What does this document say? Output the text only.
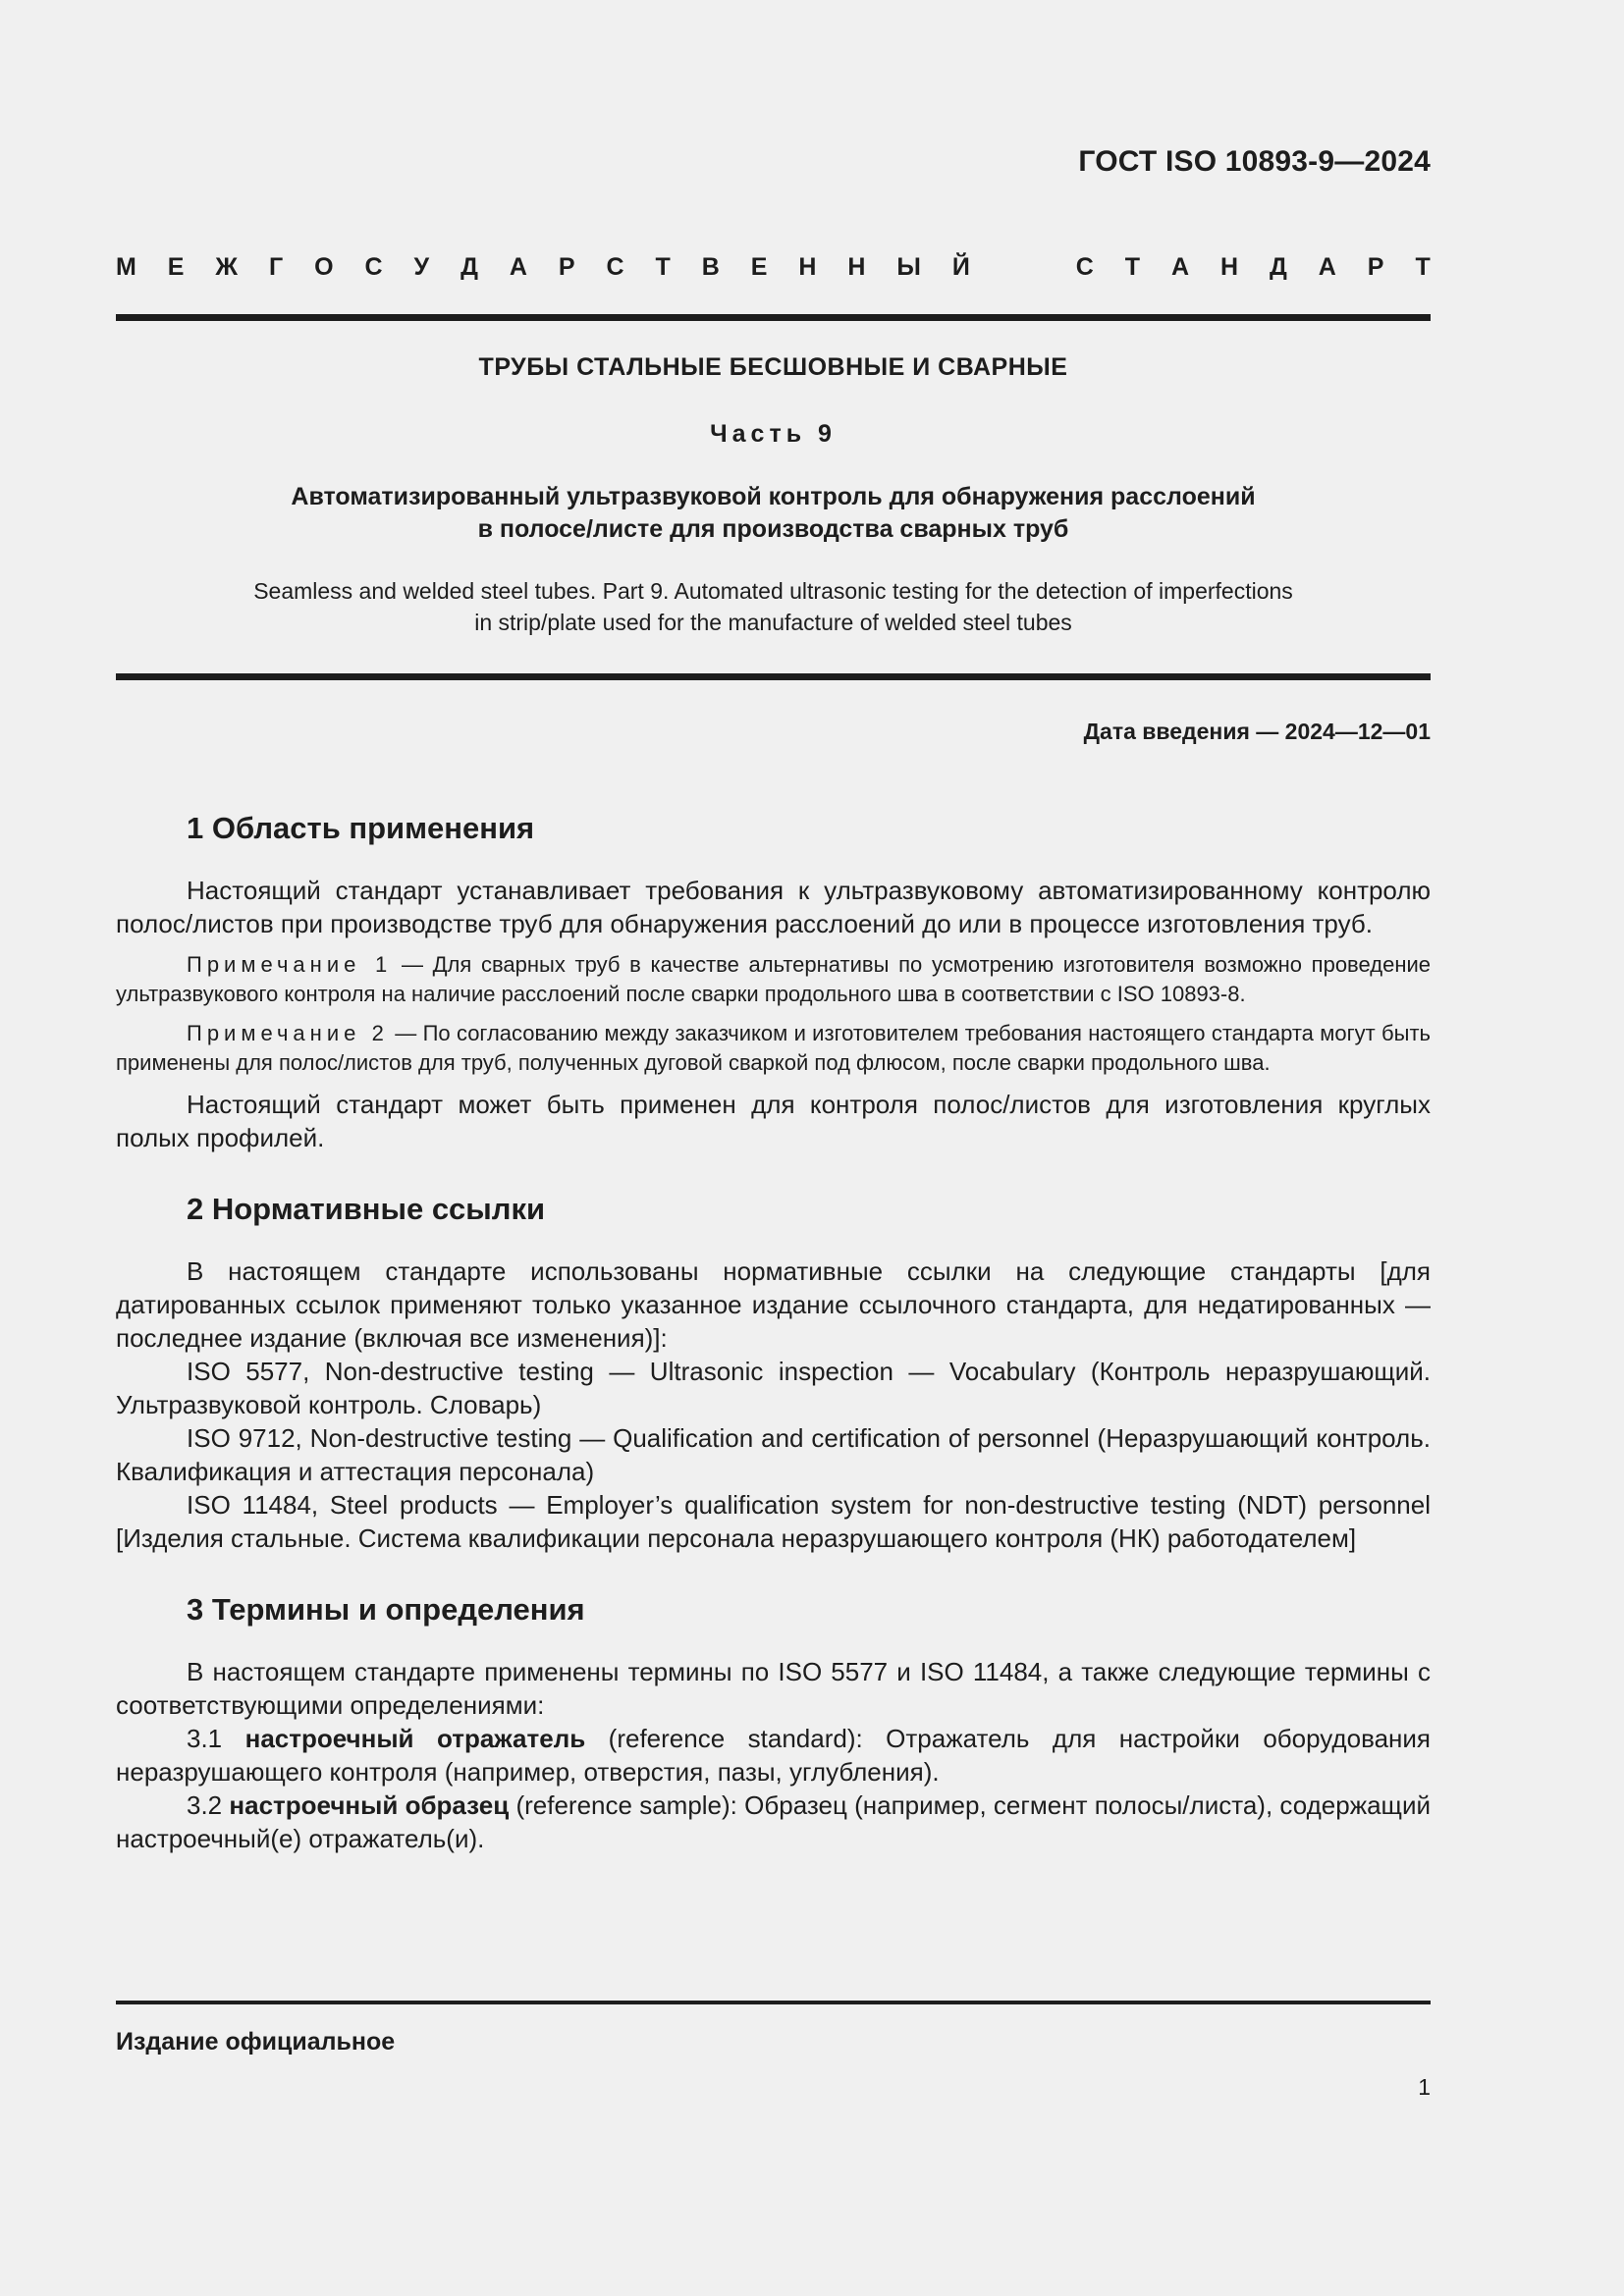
ГОСТ ISO 10893-9—2024
М Е Ж Г О С У Д А Р С Т В Е Н Н Ы Й	С Т А Н Д А Р Т
ТРУБЫ СТАЛЬНЫЕ БЕСШОВНЫЕ И СВАРНЫЕ
Часть 9
Автоматизированный ультразвуковой контроль для обнаружения расслоений
в полосе/листе для производства сварных труб
Seamless and welded steel tubes. Part 9. Automated ultrasonic testing for the detection of imperfections
in strip/plate used for the manufacture of welded steel tubes
Дата введения — 2024—12—01
1 Область применения

Настоящий стандарт устанавливает требования к ультразвуковому автоматизированному контролю полос/листов при производстве труб для обнаружения расслоений до или в процессе изготовления труб.

Примечание 1 — Для сварных труб в качестве альтернативы по усмотрению изготовителя возможно проведение ультразвукового контроля на наличие расслоений после сварки продольного шва в соответствии с ISO 10893-8.

Примечание 2 — По согласованию между заказчиком и изготовителем требования настоящего стандарта могут быть применены для полос/листов для труб, полученных дуговой сваркой под флюсом, после сварки продольного шва.

Настоящий стандарт может быть применен для контроля полос/листов для изготовления круглых полых профилей.

2 Нормативные ссылки

В настоящем стандарте использованы нормативные ссылки на следующие стандарты [для датированных ссылок применяют только указанное издание ссылочного стандарта, для недатированных — последнее издание (включая все изменения)]:

ISO 5577, Non-destructive testing — Ultrasonic inspection — Vocabulary (Контроль неразрушающий. Ультразвуковой контроль. Словарь)

ISO 9712, Non-destructive testing — Qualification and certification of personnel (Неразрушающий контроль. Квалификация и аттестация персонала)

ISO 11484, Steel products — Employer’s qualification system for non-destructive testing (NDT) personnel [Изделия стальные. Система квалификации персонала неразрушающего контроля (НК) работодателем]

3 Термины и определения

В настоящем стандарте применены термины по ISO 5577 и ISO 11484, а также следующие термины с соответствующими определениями:

3.1 настроечный отражатель (reference standard): Отражатель для настройки оборудования неразрушающего контроля (например, отверстия, пазы, углубления).

3.2 настроечный образец (reference sample): Образец (например, сегмент полосы/листа), содержащий настроечный(е) отражатель(и).

Издание официальное
1
